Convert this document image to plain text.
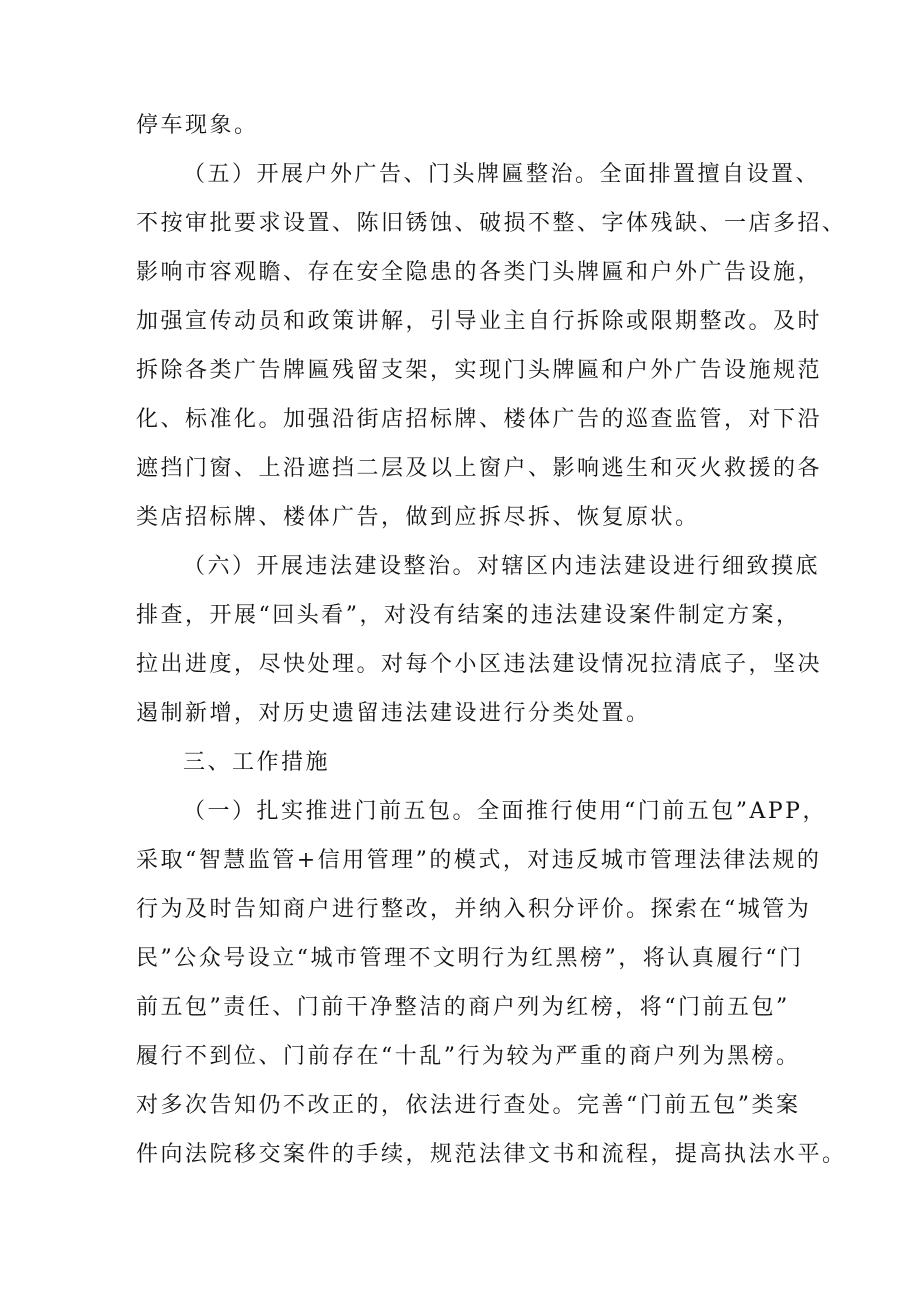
停车现象。
（五）开展户外广告、门头牌匾整治。全面排置擅自设置、
不按审批要求设置、陈旧锈蚀、破损不整、字体残缺、一店多招、
影响市容观瞻、存在安全隐患的各类门头牌匾和户外广告设施，
加强宣传动员和政策讲解，引导业主自行拆除或限期整改。及时
拆除各类广告牌匾残留支架，实现门头牌匾和户外广告设施规范
化、标准化。加强沿街店招标牌、楼体广告的巡查监管，对下沿
遮挡门窗、上沿遮挡二层及以上窗户、影响逃生和灭火救援的各
类店招标牌、楼体广告，做到应拆尽拆、恢复原状。
（六）开展违法建设整治。对辖区内违法建设进行细致摸底
排查，开展“回头看”，对没有结案的违法建设案件制定方案，
拉出进度，尽快处理。对每个小区违法建设情况拉清底子，坚决
遏制新增，对历史遗留违法建设进行分类处置。
三、工作措施
（一）扎实推进门前五包。全面推行使用“门前五包”APP，
采取“智慧监管+信用管理”的模式，对违反城市管理法律法规的
行为及时告知商户进行整改，并纳入积分评价。探索在“城管为
民”公众号设立“城市管理不文明行为红黑榜”，将认真履行“门
前五包”责任、门前干净整洁的商户列为红榜，将“门前五包”
履行不到位、门前存在“十乱”行为较为严重的商户列为黑榜。
对多次告知仍不改正的，依法进行查处。完善“门前五包”类案
件向法院移交案件的手续，规范法律文书和流程，提高执法水平。
